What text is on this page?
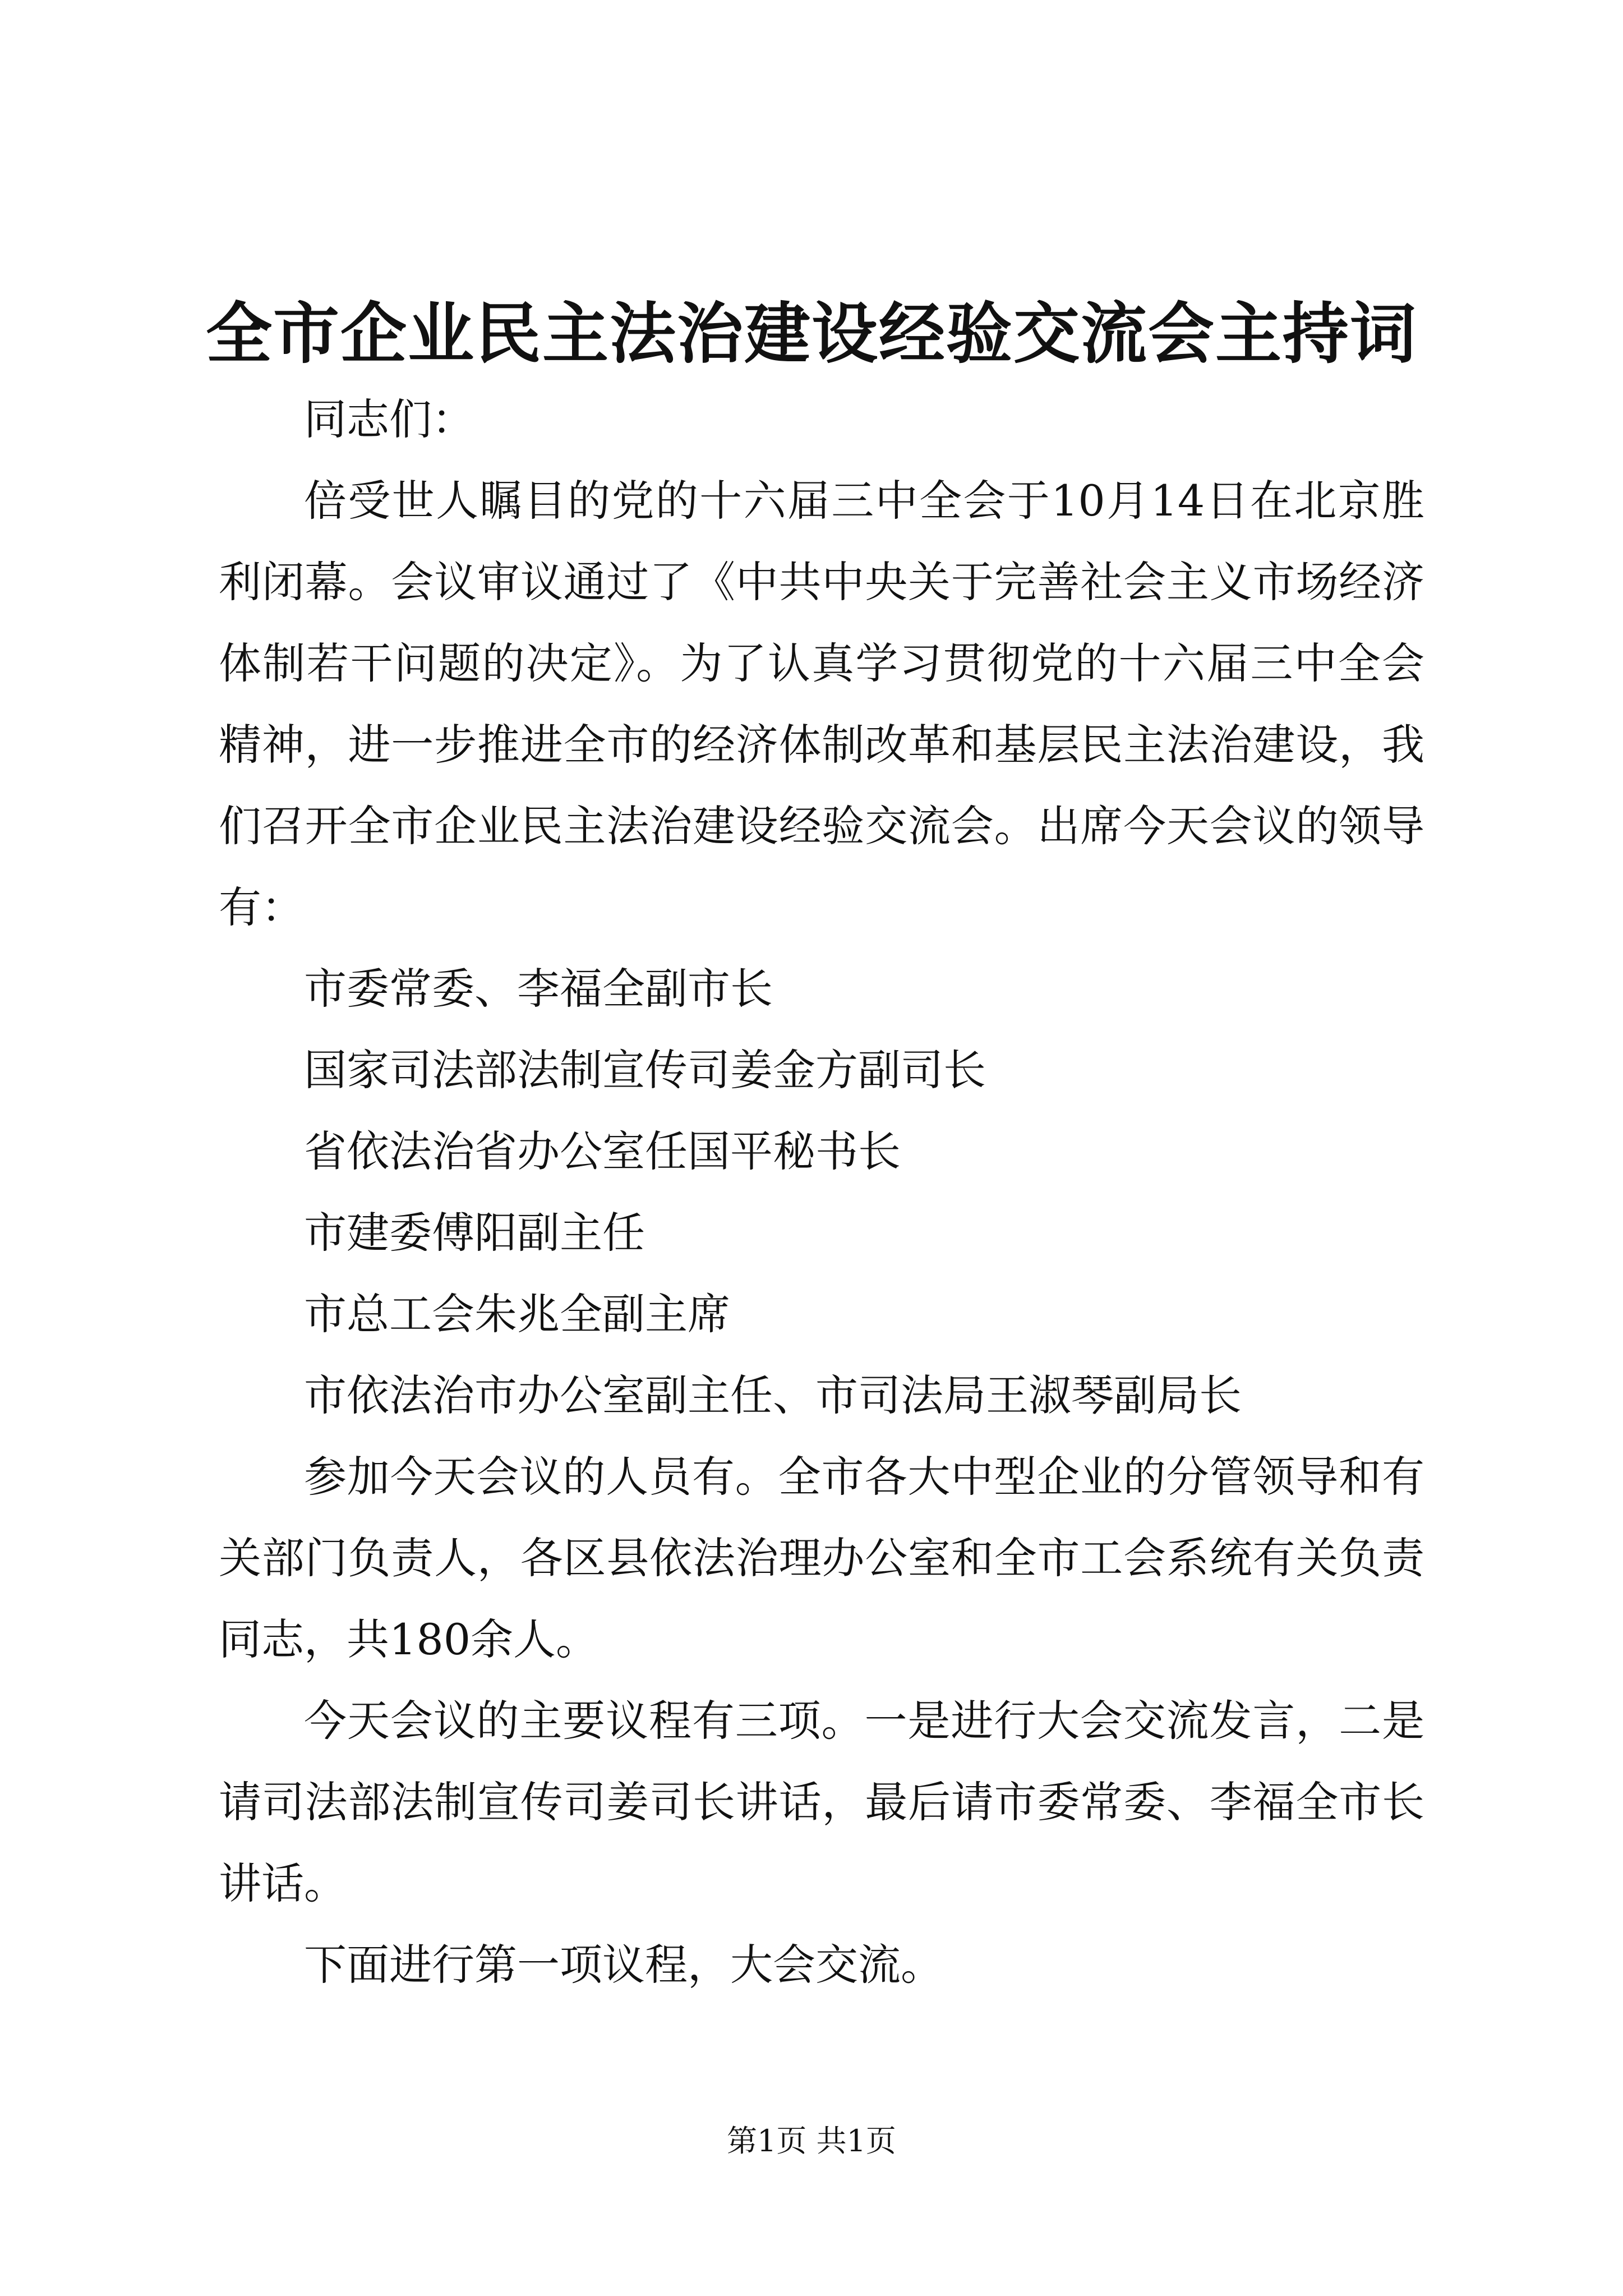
全市企业民主法治建设经验交流会主持词

同志们：

倍受世人瞩目的党的十六届三中全会于10月14日在北京胜利闭幕。会议审议通过了《中共中央关于完善社会主义市场经济体制若干问题的决定》。为了认真学习贯彻党的十六届三中全会精神，进一步推进全市的经济体制改革和基层民主法治建设，我们召开全市企业民主法治建设经验交流会。出席今天会议的领导有：

市委常委、李福全副市长

国家司法部法制宣传司姜金方副司长

省依法治省办公室任国平秘书长

市建委傅阳副主任

市总工会朱兆全副主席

市依法治市办公室副主任、市司法局王淑琴副局长

参加今天会议的人员有。全市各大中型企业的分管领导和有关部门负责人，各区县依法治理办公室和全市工会系统有关负责同志，共180余人。

今天会议的主要议程有三项。一是进行大会交流发言，二是请司法部法制宣传司姜司长讲话，最后请市委常委、李福全市长讲话。

下面进行第一项议程，大会交流。

第1页 共1页
